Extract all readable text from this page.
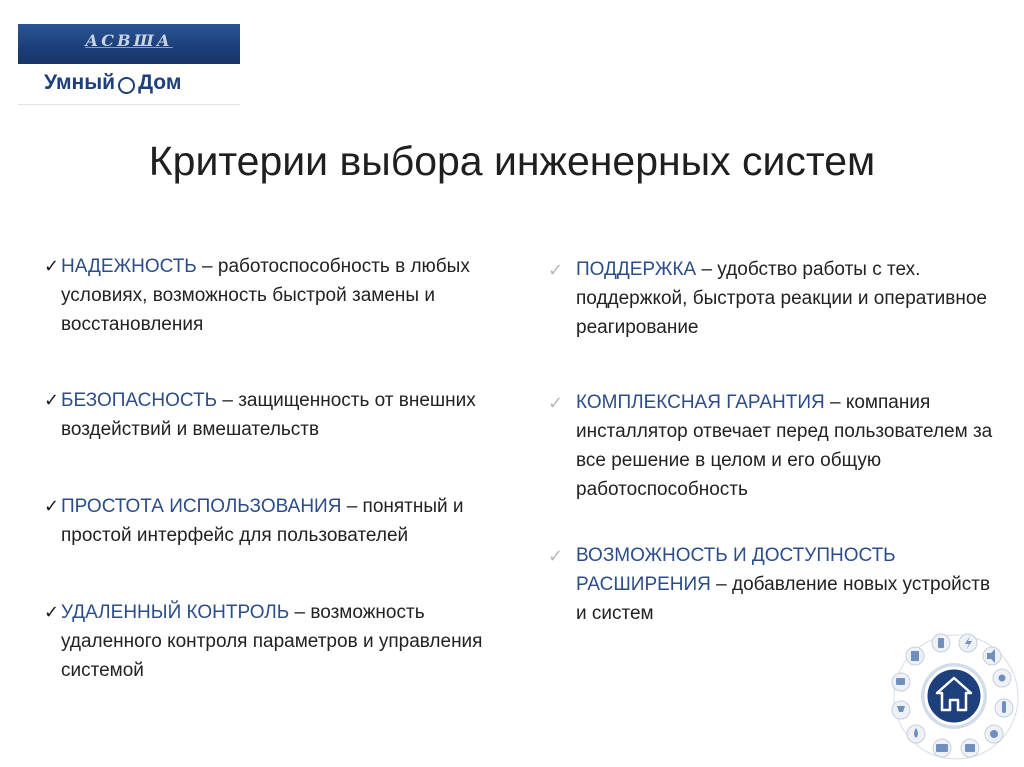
АСВША
Умный Дом
Критерии выбора инженерных систем
✓ НАДЕЖНОСТЬ – работоспособность в любых условиях, возможность быстрой замены и восстановления
✓ БЕЗОПАСНОСТЬ – защищенность от внешних воздействий и вмешательств
✓ ПРОСТОТА ИСПОЛЬЗОВАНИЯ – понятный и простой интерфейс для пользователей
✓ УДАЛЕННЫЙ КОНТРОЛЬ – возможность удаленного контроля параметров и управления системой
✓ ПОДДЕРЖКА – удобство работы с тех. поддержкой, быстрота реакции и оперативное реагирование
✓ КОМПЛЕКСНАЯ ГАРАНТИЯ – компания инсталлятор отвечает перед пользователем за все решение в целом и его общую работоспособность
✓ ВОЗМОЖНОСТЬ И ДОСТУПНОСТЬ РАСШИРЕНИЯ – добавление новых устройств и систем
